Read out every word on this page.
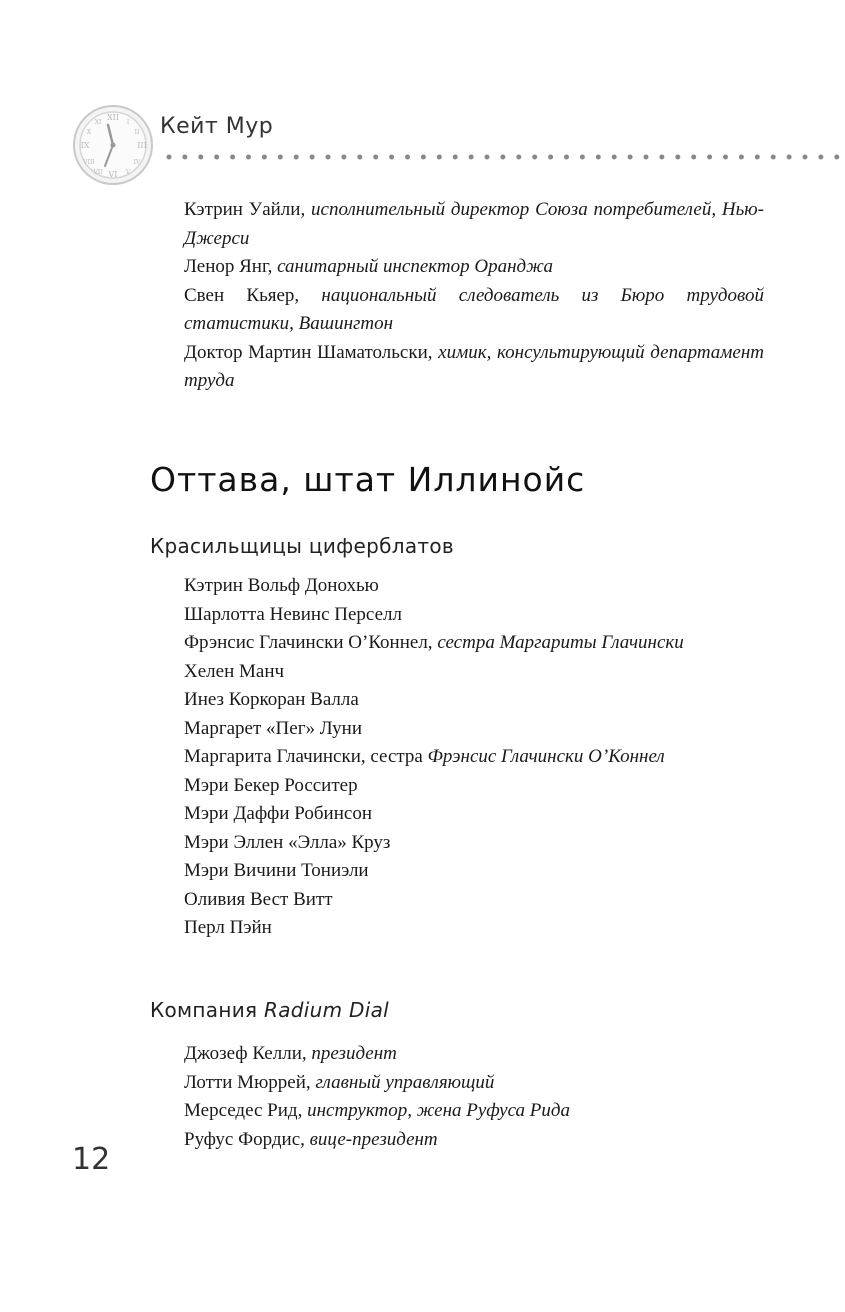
XII
III
VI
IX
I
II
IV
V
VII
VIII
X
XI	Кейт Мур

Кэтрин Уайли, исполнительный директор Союза потребителей, Нью-Джерси

Ленор Янг, санитарный инспектор Оранджа

Свен Кьяер, национальный следователь из Бюро трудовой статистики, Вашингтон

Доктор Мартин Шаматольски, химик, консультирующий департамент труда

Оттава, штат Иллинойс
Красильщицы циферблатов

Кэтрин Вольф Донохью

Шарлотта Невинс Перселл

Фрэнсис Глачински О’Коннел, сестра Маргариты Глачински

Хелен Манч

Инез Коркоран Валла

Маргарет «Пег» Луни

Маргарита Глачински, сестра Фрэнсис Глачински О’Коннел

Мэри Бекер Росситер

Мэри Даффи Робинсон

Мэри Эллен «Элла» Круз

Мэри Вичини Тониэли

Оливия Вест Витт

Перл Пэйн

Компания Radium Dial

Джозеф Келли, президент

Лотти Мюррей, главный управляющий

Мерседес Рид, инструктор, жена Руфуса Рида

Руфус Фордис, вице-президент

12
